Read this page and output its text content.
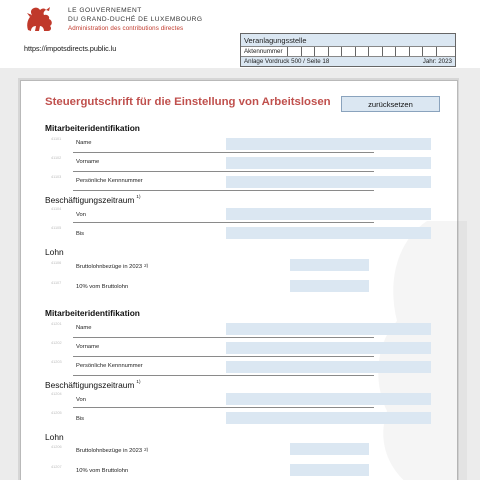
LE GOUVERNEMENT
DU GRAND-DUCHÉ DE LUXEMBOURG
Administration des contributions directes
https://impotsdirects.public.lu
Veranlagungsstelle
Aktennummer
Anlage Vordruck 500 / Seite 18	Jahr: 2023
Steuergutschrift für die Einstellung von Arbeitslosen	zurücksetzen
Mitarbeiteridentifikation
41101
Name
41102
Vorname
41103
Persönliche Kennnummer
Beschäftigungszeitraum $^{1)}$
41104
Von
41105
Bis
Lohn
41106
Bruttolohnbezüge in 2023 $^{2)}$
41107
10% vom Bruttolohn
Mitarbeiteridentifikation
41201
Name
41202
Vorname
41203
Persönliche Kennnummer
Beschäftigungszeitraum $^{1)}$
41204
Von
41205
Bis
Lohn
41206
Bruttolohnbezüge in 2023 $^{2)}$
41207
10% vom Bruttolohn
